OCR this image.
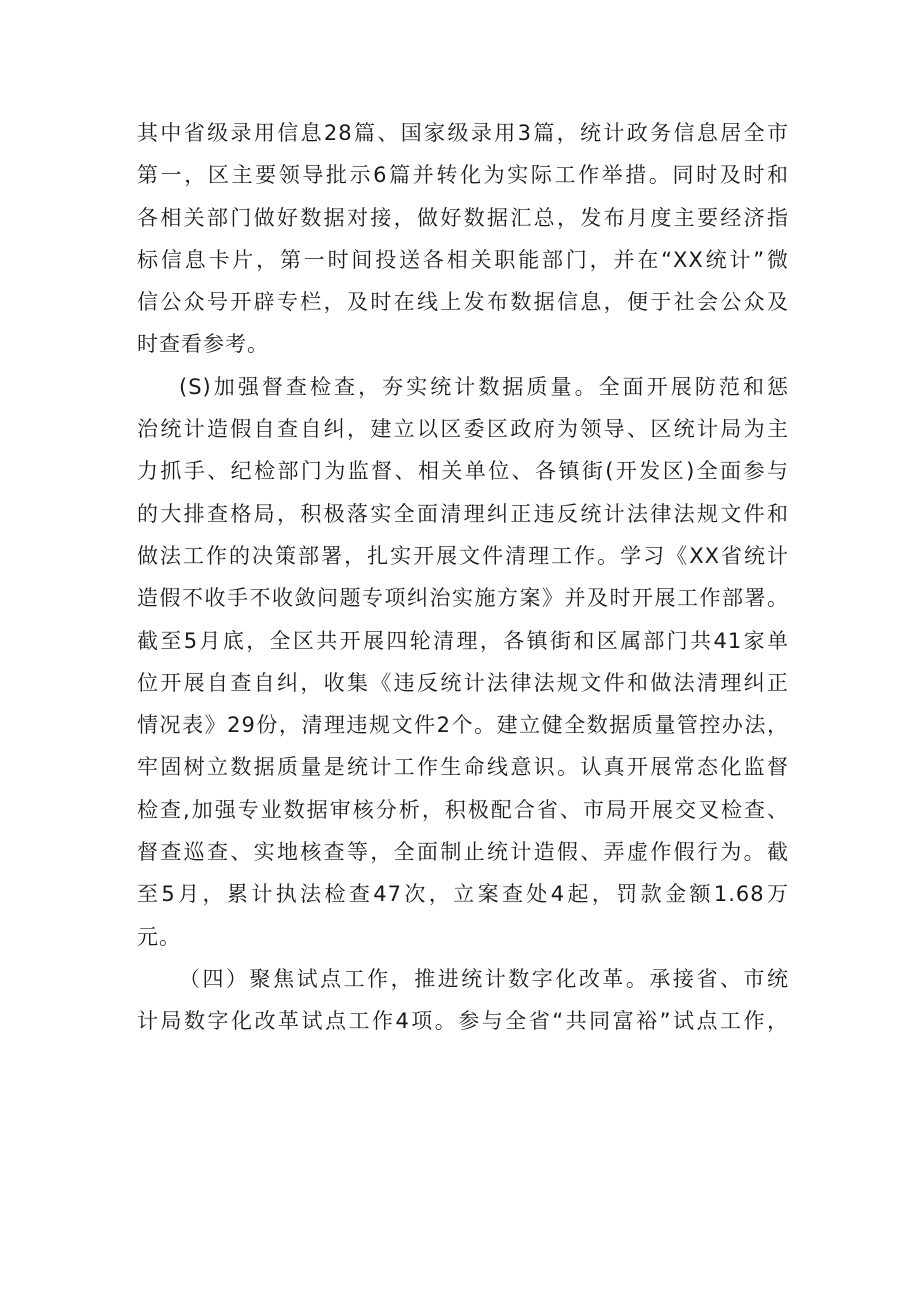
其中省级录用信息28篇、国家级录用3篇，统计政务信息居全市
第一，区主要领导批示6篇并转化为实际工作举措。同时及时和
各相关部门做好数据对接，做好数据汇总，发布月度主要经济指
标信息卡片，第一时间投送各相关职能部门，并在“XX统计”微
信公众号开辟专栏，及时在线上发布数据信息，便于社会公众及
时查看参考。
(S)加强督查检查，夯实统计数据质量。全面开展防范和惩
治统计造假自查自纠，建立以区委区政府为领导、区统计局为主
力抓手、纪检部门为监督、相关单位、各镇街(开发区)全面参与
的大排查格局，积极落实全面清理纠正违反统计法律法规文件和
做法工作的决策部署，扎实开展文件清理工作。学习《XX省统计
造假不收手不收敛问题专项纠治实施方案》并及时开展工作部署。
截至5月底，全区共开展四轮清理，各镇街和区属部门共41家单
位开展自查自纠，收集《违反统计法律法规文件和做法清理纠正
情况表》29份，清理违规文件2个。建立健全数据质量管控办法，
牢固树立数据质量是统计工作生命线意识。认真开展常态化监督
检查,加强专业数据审核分析，积极配合省、市局开展交叉检查、
督查巡查、实地核查等，全面制止统计造假、弄虚作假行为。截
至5月，累计执法检查47次，立案查处4起，罚款金额1.68万
元。
（四）聚焦试点工作，推进统计数字化改革。承接省、市统
计局数字化改革试点工作4项。参与全省“共同富裕”试点工作，
